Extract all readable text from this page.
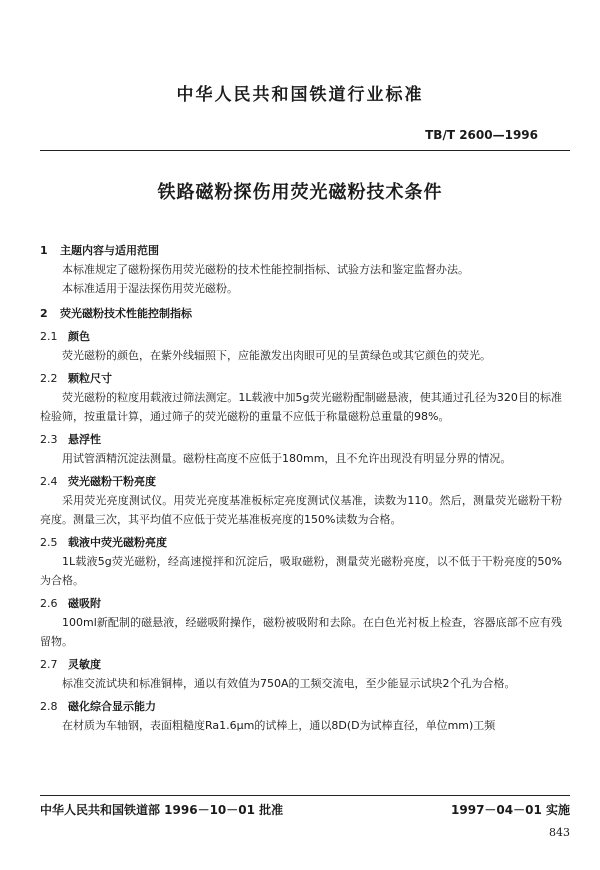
中华人民共和国铁道行业标准
TB/T 2600—1996
铁路磁粉探伤用荧光磁粉技术条件
1 主题内容与适用范围

本标准规定了磁粉探伤用荧光磁粉的技术性能控制指标、试验方法和鉴定监督办法。

本标准适用于湿法探伤用荧光磁粉。

2 荧光磁粉技术性能控制指标
2.1 颜色

荧光磁粉的颜色，在紫外线辐照下，应能激发出肉眼可见的呈黄绿色或其它颜色的荧光。

2.2 颗粒尺寸

荧光磁粉的粒度用载液过筛法测定。1L载液中加5g荧光磁粉配制磁悬液，使其通过孔径为320目的标准检验筛，按重量计算，通过筛子的荧光磁粉的重量不应低于称量磁粉总重量的98%。

2.3 悬浮性

用试管酒精沉淀法测量。磁粉柱高度不应低于180mm，且不允许出现没有明显分界的情况。

2.4 荧光磁粉干粉亮度

采用荧光亮度测试仪。用荧光亮度基准板标定亮度测试仪基准，读数为110。然后，测量荧光磁粉干粉亮度。测量三次，其平均值不应低于荧光基准板亮度的150%读数为合格。

2.5 载液中荧光磁粉亮度

1L载液5g荧光磁粉，经高速搅拌和沉淀后，吸取磁粉，测量荧光磁粉亮度，以不低于干粉亮度的50%为合格。

2.6 磁吸附

100ml新配制的磁悬液，经磁吸附操作，磁粉被吸附和去除。在白色光衬板上检查，容器底部不应有残留物。

2.7 灵敏度

标准交流试块和标准铜棒，通以有效值为750A的工频交流电，至少能显示试块2个孔为合格。

2.8 磁化综合显示能力

在材质为车轴钢，表面粗糙度Ra1.6μm的试棒上，通以8D(D为试棒直径，单位mm)工频

中华人民共和国铁道部 1996－10－01 批准	1997－04－01 实施
843
